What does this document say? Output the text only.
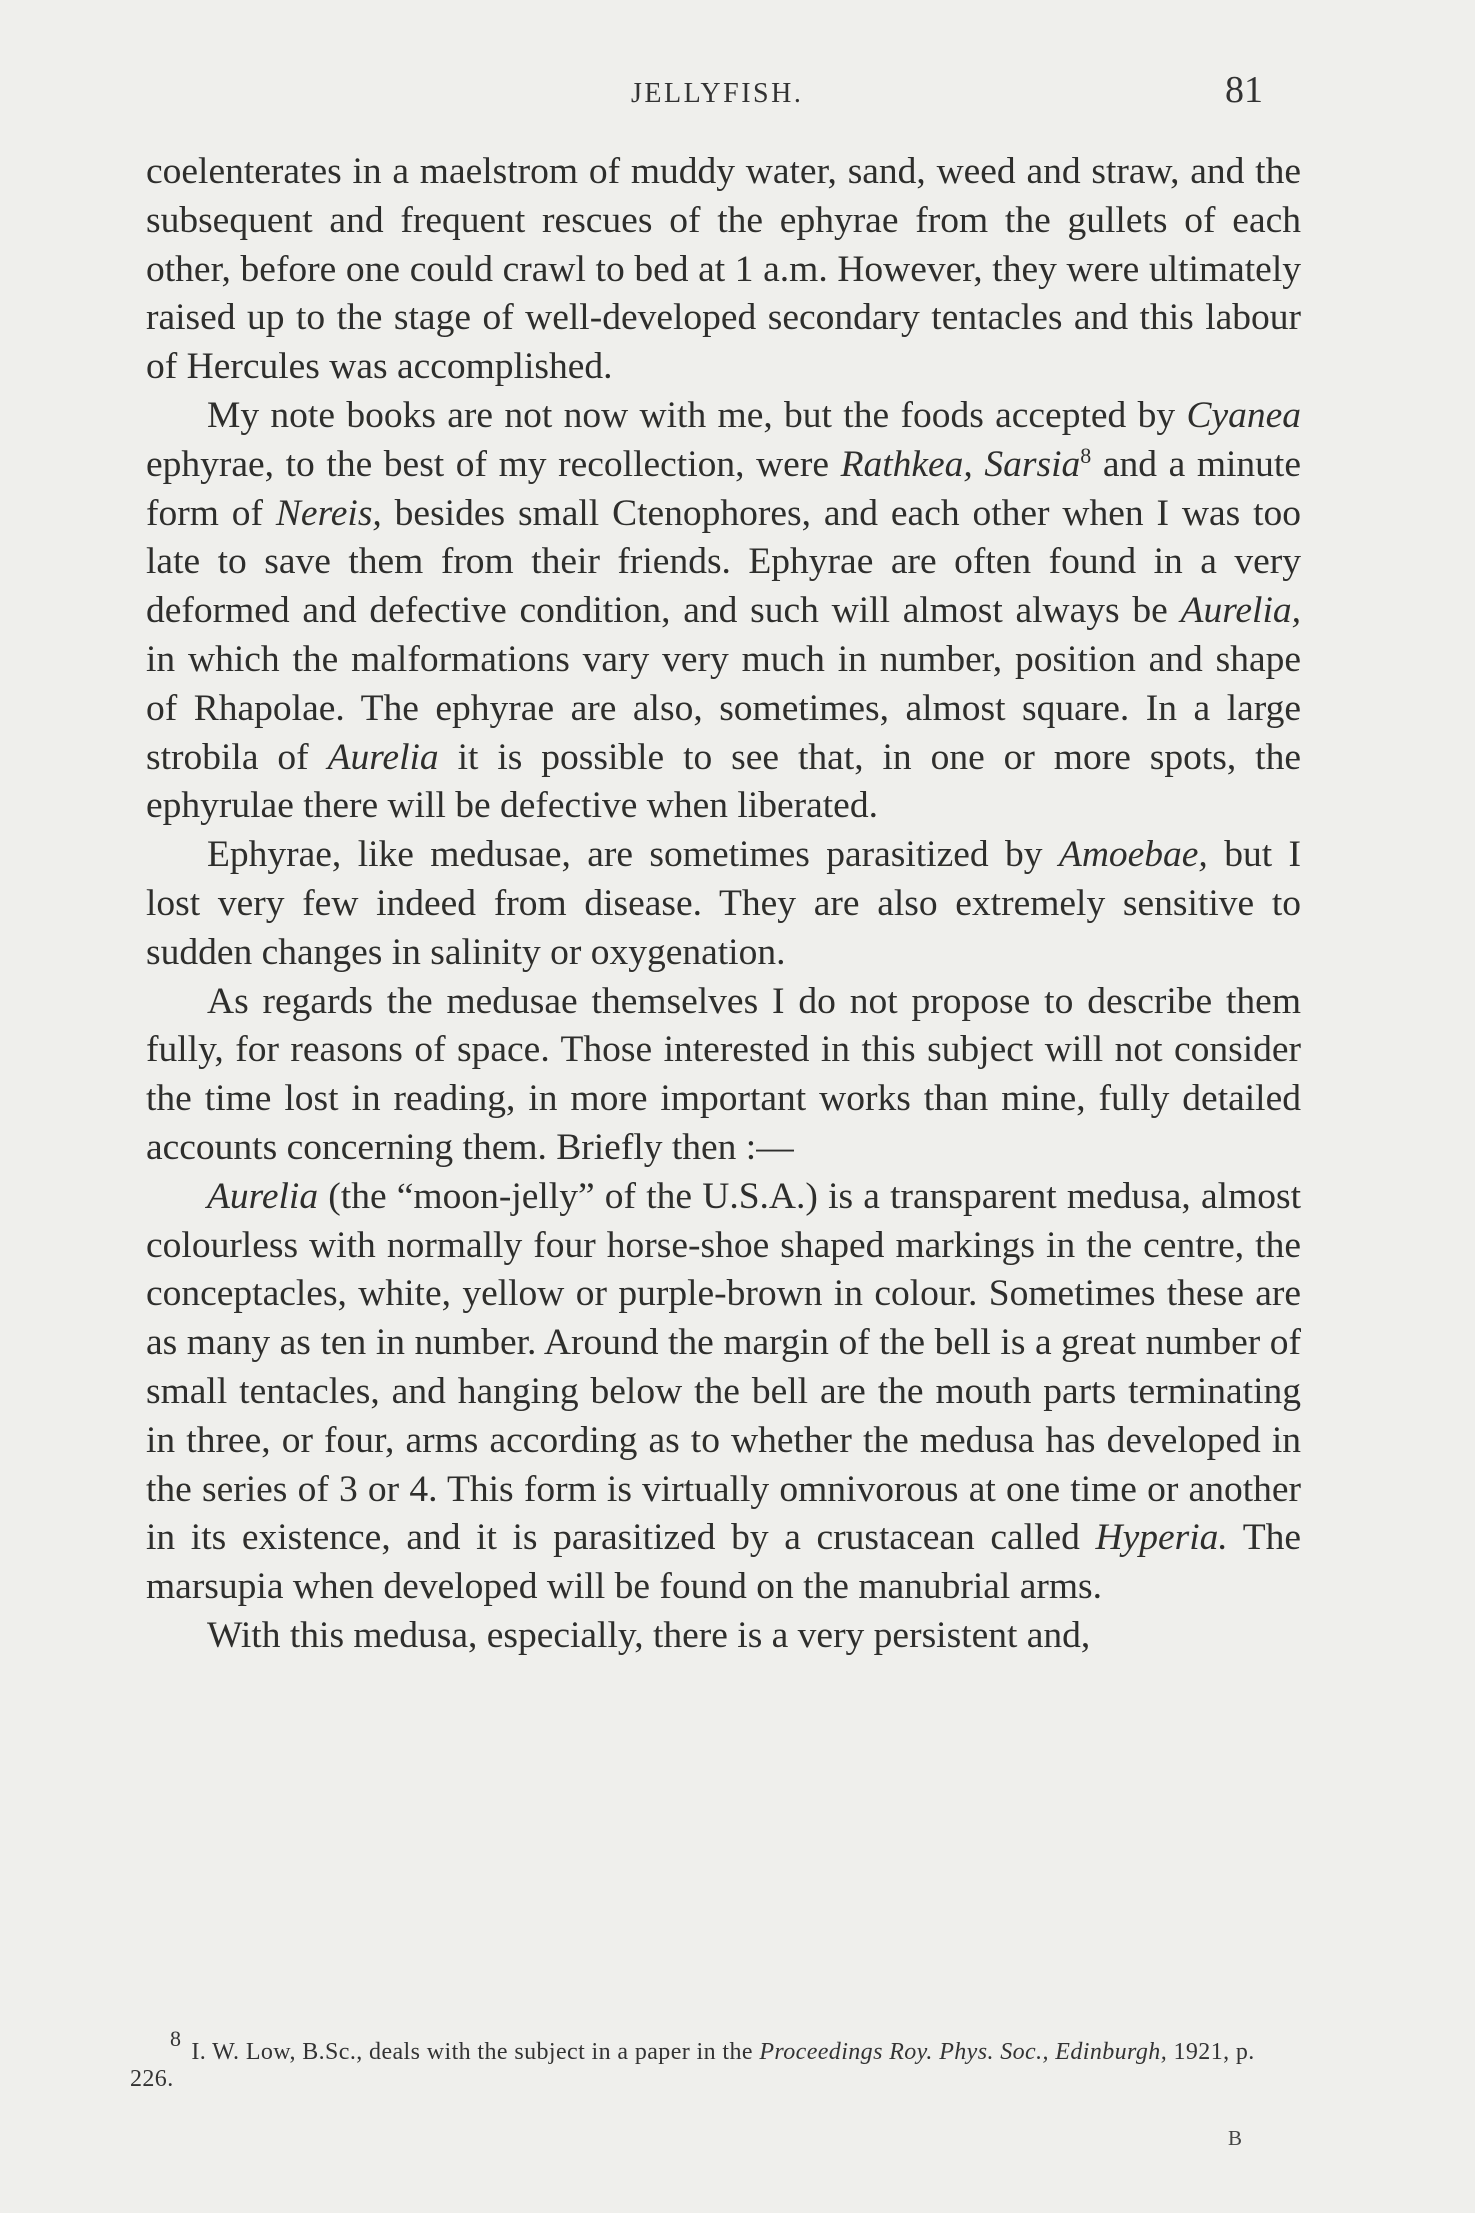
JELLYFISH.	81

coelenterates in a maelstrom of muddy water, sand, weed and straw, and the subsequent and frequent rescues of the ephyrae from the gullets of each other, before one could crawl to bed at 1 a.m. However, they were ultimately raised up to the stage of well-developed secondary tentacles and this labour of Hercules was accomplished.

My note books are not now with me, but the foods accepted by Cyanea ephyrae, to the best of my recollection, were Rathkea, Sarsia$^8$ and a minute form of Nereis, besides small Ctenophores, and each other when I was too late to save them from their friends. Ephyrae are often found in a very deformed and defective condition, and such will almost always be Aurelia, in which the malformations vary very much in number, position and shape of Rhapolae. The ephyrae are also, sometimes, almost square. In a large strobila of Aurelia it is possible to see that, in one or more spots, the ephyrulae there will be defective when liberated.

Ephyrae, like medusae, are sometimes parasitized by Amoebae, but I lost very few indeed from disease. They are also extremely sensitive to sudden changes in salinity or oxygenation.

As regards the medusae themselves I do not propose to describe them fully, for reasons of space. Those interested in this subject will not consider the time lost in reading, in more important works than mine, fully detailed accounts concerning them. Briefly then :—

Aurelia (the “moon-jelly” of the U.S.A.) is a transparent medusa, almost colourless with normally four horse-shoe shaped markings in the centre, the conceptacles, white, yellow or purple-brown in colour. Sometimes these are as many as ten in number. Around the margin of the bell is a great number of small tentacles, and hanging below the bell are the mouth parts terminating in three, or four, arms according as to whether the medusa has developed in the series of 3 or 4. This form is virtually omnivorous at one time or another in its existence, and it is parasitized by a crustacean called Hyperia. The marsupia when developed will be found on the manubrial arms.

With this medusa, especially, there is a very persistent and,

$^8$I. W. Low, B.Sc., deals with the subject in a paper in the Proceedings Roy. Phys. Soc., Edinburgh, 1921, p. 226.
B
